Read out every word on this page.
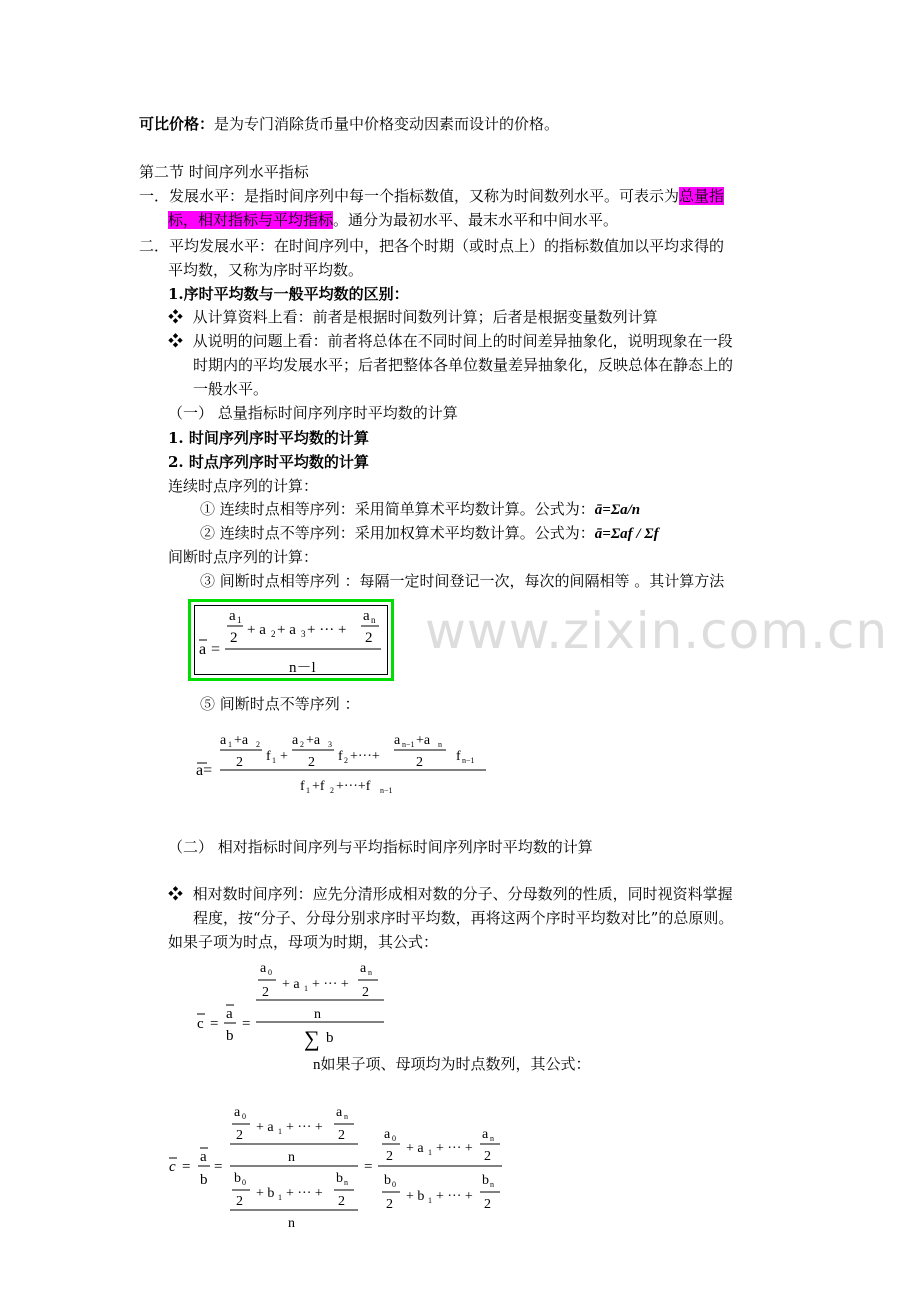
www.zixin.com.cn
可比价格：是为专门消除货币量中价格变动因素而设计的价格。
第二节 时间序列水平指标
一．发展水平：是指时间序列中每一个指标数值，又称为时间数列水平。可表示为总量指
标，相对指标与平均指标。通分为最初水平、最末水平和中间水平。
二．平均发展水平：在时间序列中，把各个时期（或时点上）的指标数值加以平均求得的
平均数，又称为序时平均数。
1.序时平均数与一般平均数的区别：
❖ 从计算资料上看：前者是根据时间数列计算；后者是根据变量数列计算
❖ 从说明的问题上看：前者将总体在不同时间上的时间差异抽象化，说明现象在一段
时期内的平均发展水平；后者把整体各单位数量差异抽象化，反映总体在静态上的
一般水平。
（一） 总量指标时间序列序时平均数的计算
1. 时间序列序时平均数的计算
2. 时点序列序时平均数的计算
连续时点序列的计算：
① 连续时点相等序列：采用简单算术平均数计算。公式为：ā=Σa/n
② 连续时点不等序列：采用加权算术平均数计算。公式为：ā=Σaf / Σf
间断时点序列的计算：
③ 间断时点相等序列 ：每隔一定时间登记一次，每次的间隔相等 。其计算方法
a =
a 1
2 + a 2 + a 3 + ··· +
a n
2
n－l
⑤ 间断时点不等序列 ：
a=
a 1 +a 2
2 f 1 +
a 2 +a 3
2 f 2 +···+
a n−1 +a n
2 f n−1
f 1 +f 2 +···+f n−1
（二） 相对指标时间序列与平均指标时间序列序时平均数的计算
❖ 相对数时间序列：应先分清形成相对数的分子、分母数列的性质，同时视资料掌握
程度，按“分子、分母分别求序时平均数，再将这两个序时平均数对比”的总原则。
如果子项为时点，母项为时期，其公式：
c =
a
b
=
a 0
2
+ a 1 + ··· +
a n
2
n
∑ b
n如果子项、母项均为时点数列，其公式：
c =
a
b
=
a 0
2
+ a 1 + ··· +
a n
2
n
b 0
2
+ b 1 + ··· +
b n
2
n
=
a 0
2
+ a 1 + ··· +
a n
2
b 0
2
+ b 1 + ··· +
b n
2
